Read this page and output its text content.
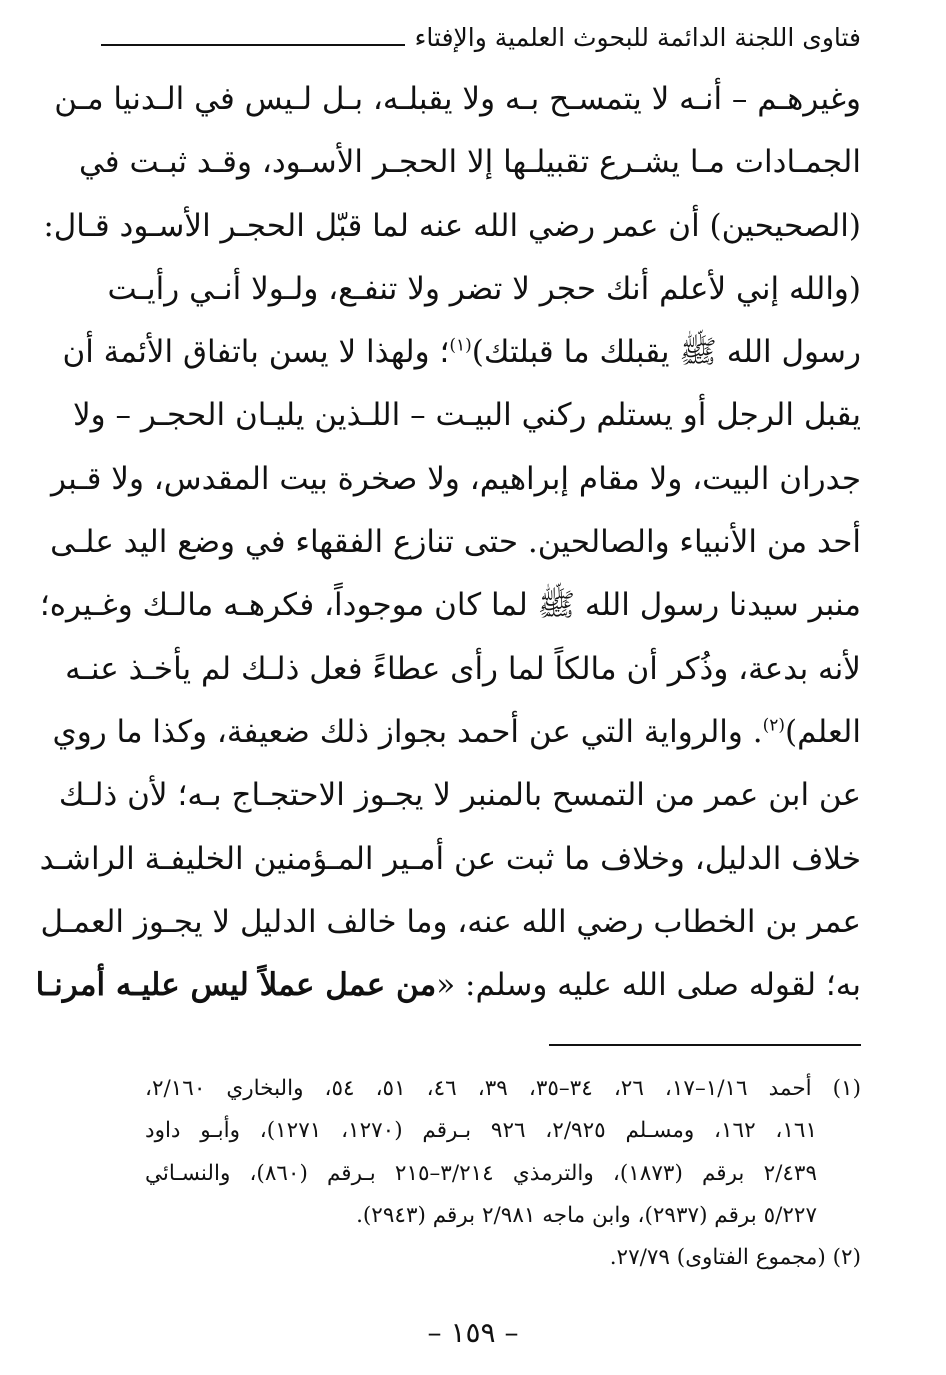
فتاوى اللجنة الدائمة للبحوث العلمية والإفتاء
وغيرهـم – أنـه لا يتمسـح بـه ولا يقبلـه، بـل لـيس في الـدنيا مـن
الجمـادات مـا يشـرع تقبيلـها إلا الحجـر الأسـود، وقـد ثبـت في
(الصحيحين) أن عمر رضي الله عنه لما قبّل الحجـر الأسـود قـال:
(والله إني لأعلم أنك حجر لا تضر ولا تنفـع، ولـولا أنـي رأيـت
رسول الله ﷺ يقبلك ما قبلتك)$^{(١)}$؛ ولهذا لا يسن باتفاق الأئمة أن
يقبل الرجل أو يستلم ركني البيـت – اللـذين يليـان الحجـر – ولا
جدران البيت، ولا مقام إبراهيم، ولا صخرة بيت المقدس، ولا قـبر
أحد من الأنبياء والصالحين. حتى تنازع الفقهاء في وضع اليد علـى
منبر سيدنا رسول الله ﷺ لما كان موجوداً، فكرهـه مالـك وغـيره؛
لأنه بدعة، وذُكر أن مالكاً لما رأى عطاءً فعل ذلـك لم يأخـذ عنـه
العلم)$^{(٢)}$. والرواية التي عن أحمد بجواز ذلك ضعيفة، وكذا ما روي
عن ابن عمر من التمسح بالمنبر لا يجـوز الاحتجـاج بـه؛ لأن ذلـك
خلاف الدليل، وخلاف ما ثبت عن أمـير المـؤمنين الخليفـة الراشـد
عمر بن الخطاب رضي الله عنه، وما خالف الدليل لا يجـوز العمـل
به؛ لقوله صلى الله عليه وسلم: «من عمل عملاً ليس عليـه أمرنـا
(١) أحمد ١/١٦–١٧، ٢٦، ٣٤–٣٥، ٣٩، ٤٦، ٥١، ٥٤، والبخاري ٢/١٦٠،
١٦١، ١٦٢، ومسـلم ٢/٩٢٥، ٩٢٦ بـرقم (١٢٧٠، ١٢٧١)، وأبـو داود
٢/٤٣٩ برقم (١٨٧٣)، والترمذي ٣/٢١٤–٢١٥ بـرقم (٨٦٠)، والنسـائي
٥/٢٢٧ برقم (٢٩٣٧)، وابن ماجه ٢/٩٨١ برقم (٢٩٤٣).
(٢) (مجموع الفتاوى) ٢٧/٧٩.
– ١٥٩ –
